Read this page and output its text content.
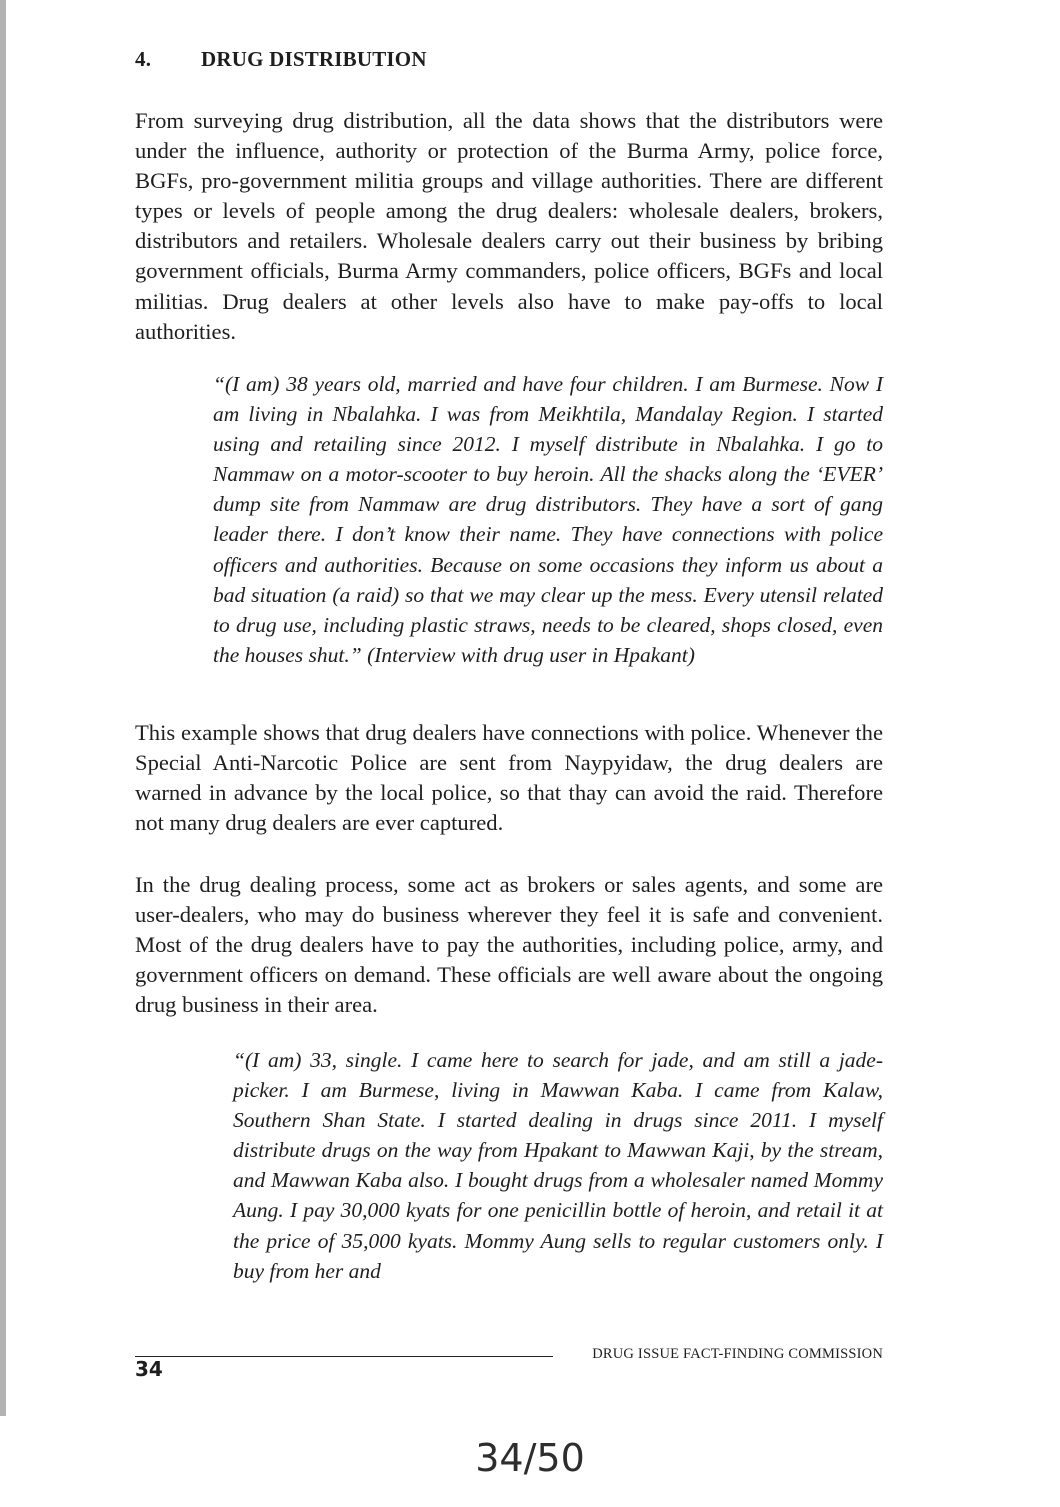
4. DRUG DISTRIBUTION

From surveying drug distribution, all the data shows that the distributors were under the influence, authority or protection of the Burma Army, police force, BGFs, pro-government militia groups and village authorities. There are different types or levels of people among the drug dealers: wholesale dealers, brokers, distributors and retailers. Wholesale dealers carry out their business by bribing government officials, Burma Army commanders, police officers, BGFs and local militias. Drug dealers at other levels also have to make pay-offs to local authorities.

“(I am) 38 years old, married and have four children. I am Burmese. Now I am living in Nbalahka. I was from Meikhtila, Mandalay Region. I started using and retailing since 2012. I myself distribute in Nbalahka. I go to Nammaw on a motor-scooter to buy heroin. All the shacks along the ‘EVER’ dump site from Nammaw are drug distributors. They have a sort of gang leader there. I don’t know their name. They have connections with police officers and authorities. Because on some occasions they inform us about a bad situation (a raid) so that we may clear up the mess. Every utensil related to drug use, including plastic straws, needs to be cleared, shops closed, even the houses shut.” (Interview with drug user in Hpakant)

This example shows that drug dealers have connections with police. Whenever the Special Anti-Narcotic Police are sent from Naypyidaw, the drug dealers are warned in advance by the local police, so that thay can avoid the raid. Therefore not many drug dealers are ever captured.

In the drug dealing process, some act as brokers or sales agents, and some are user-dealers, who may do business wherever they feel it is safe and convenient. Most of the drug dealers have to pay the authorities, including police, army, and government officers on demand. These officials are well aware about the ongoing drug business in their area.

“(I am) 33, single. I came here to search for jade, and am still a jade-picker. I am Burmese, living in Mawwan Kaba. I came from Kalaw, Southern Shan State. I started dealing in drugs since 2011. I myself distribute drugs on the way from Hpakant to Mawwan Kaji, by the stream, and Mawwan Kaba also. I bought drugs from a wholesaler named Mommy Aung. I pay 30,000 kyats for one penicillin bottle of heroin, and retail it at the price of 35,000 kyats. Mommy Aung sells to regular customers only. I buy from her and

DRUG ISSUE FACT-FINDING COMMISSION
34
34/50
